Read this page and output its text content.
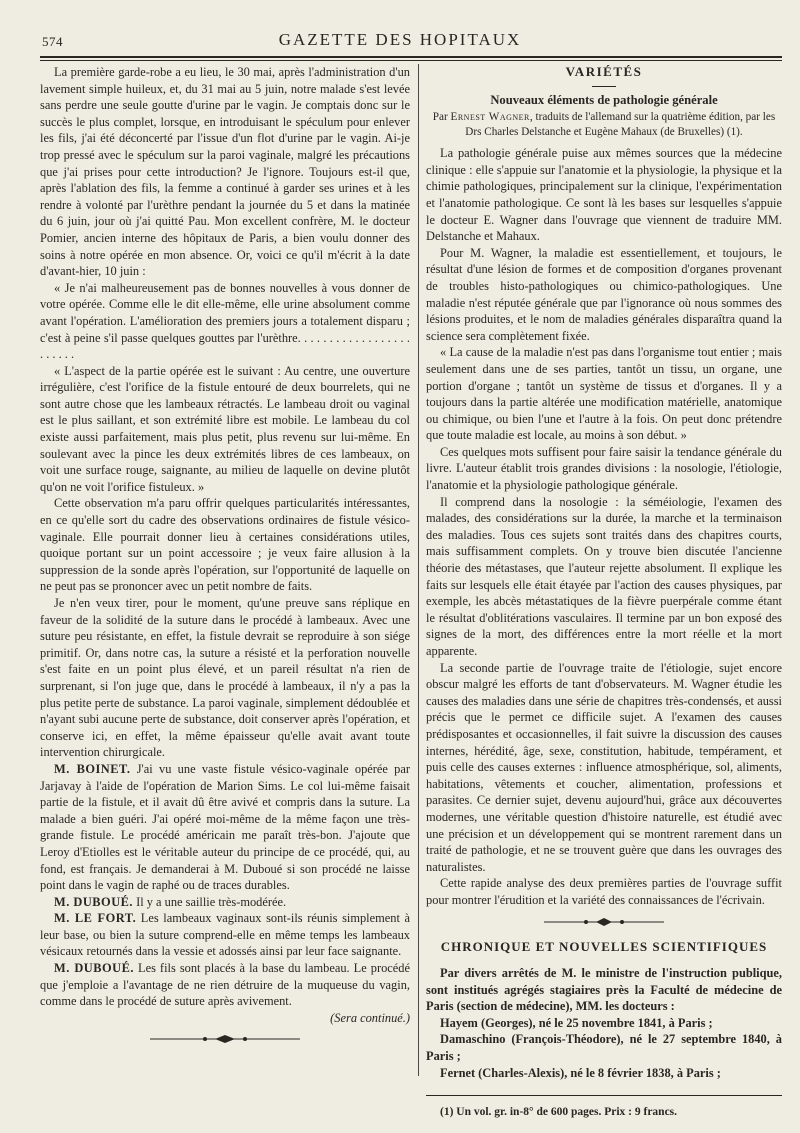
574	GAZETTE DES HOPITAUX

La première garde-robe a eu lieu, le 30 mai, après l'administration d'un lavement simple huileux, et, du 31 mai au 5 juin, notre malade s'est levée sans perdre une seule goutte d'urine par le vagin. Je comptais donc sur le succès le plus complet, lorsque, en introduisant le spéculum pour enlever les fils, j'ai été déconcerté par l'issue d'un flot d'urine par le vagin. Ai-je trop pressé avec le spéculum sur la paroi vaginale, malgré les précautions que j'ai prises pour cette introduction? Je l'ignore. Toujours est-il que, après l'ablation des fils, la femme a continué à garder ses urines et à les rendre à volonté par l'urèthre pendant la journée du 5 et dans la matinée du 6 juin, jour où j'ai quitté Pau. Mon excellent confrère, M. le docteur Pomier, ancien interne des hôpitaux de Paris, a bien voulu donner des soins à notre opérée en mon absence. Or, voici ce qu'il m'écrit à la date d'avant-hier, 10 juin :

« Je n'ai malheureusement pas de bonnes nouvelles à vous donner de votre opérée. Comme elle le dit elle-même, elle urine absolument comme avant l'opération. L'amélioration des premiers jours a totalement disparu ; c'est à peine s'il passe quelques gouttes par l'urèthre. . . . . . . . . . . . . . . . . . . . . . . .

« L'aspect de la partie opérée est le suivant : Au centre, une ouverture irrégulière, c'est l'orifice de la fistule entouré de deux bourrelets, qui ne sont autre chose que les lambeaux rétractés. Le lambeau droit ou vaginal est le plus saillant, et son extrémité libre est mobile. Le lambeau du col existe aussi parfaitement, mais plus petit, plus revenu sur lui-même. En soulevant avec la pince les deux extrémités libres de ces lambeaux, on voit une surface rouge, saignante, au milieu de laquelle on devine plutôt qu'on ne voit l'orifice fistuleux. »

Cette observation m'a paru offrir quelques particularités intéressantes, en ce qu'elle sort du cadre des observations ordinaires de fistule vésico-vaginale. Elle pourrait donner lieu à certaines considérations utiles, quoique portant sur un point accessoire ; je veux faire allusion à la suppression de la sonde après l'opération, sur l'opportunité de laquelle on ne peut pas se prononcer avec un petit nombre de faits.

Je n'en veux tirer, pour le moment, qu'une preuve sans réplique en faveur de la solidité de la suture dans le procédé à lambeaux. Avec une suture peu résistante, en effet, la fistule devrait se reproduire à son siége primitif. Or, dans notre cas, la suture a résisté et la perforation nouvelle s'est faite en un point plus élevé, et un pareil résultat n'a rien de surprenant, si l'on juge que, dans le procédé à lambeaux, il n'y a pas la plus petite perte de substance. La paroi vaginale, simplement dédoublée et n'ayant subi aucune perte de substance, doit conserver après l'opération, et conserve ici, en effet, la même épaisseur qu'elle avait avant toute intervention chirurgicale.

M. BOINET. J'ai vu une vaste fistule vésico-vaginale opérée par Jarjavay à l'aide de l'opération de Marion Sims. Le col lui-même faisait partie de la fistule, et il avait dû être avivé et compris dans la suture. La malade a bien guéri. J'ai opéré moi-même de la même façon une très-grande fistule. Le procédé américain me paraît très-bon. J'ajoute que Leroy d'Etiolles est le véritable auteur du principe de ce procédé, qui, au fond, est français. Je demanderai à M. Duboué si son procédé ne laisse point dans le vagin de raphé ou de traces durables.

M. DUBOUÉ. Il y a une saillie très-modérée.

M. LE FORT. Les lambeaux vaginaux sont-ils réunis simplement à leur base, ou bien la suture comprend-elle en même temps les lambeaux vésicaux retournés dans la vessie et adossés ainsi par leur face saignante.

M. DUBOUÉ. Les fils sont placés à la base du lambeau. Le procédé que j'emploie a l'avantage de ne rien détruire de la muqueuse du vagin, comme dans le procédé de suture après avivement.

(Sera continué.)

VARIÉTÉS
Nouveaux éléments de pathologie générale
Par Ernest Wagner, traduits de l'allemand sur la quatrième édition, par les Drs Charles Delstanche et Eugène Mahaux (de Bruxelles) (1).

La pathologie générale puise aux mêmes sources que la médecine clinique : elle s'appuie sur l'anatomie et la physiologie, la physique et la chimie pathologiques, principalement sur la clinique, l'expérimentation et l'anatomie pathologique. Ce sont là les bases sur lesquelles s'appuie le docteur E. Wagner dans l'ouvrage que viennent de traduire MM. Delstanche et Mahaux.

Pour M. Wagner, la maladie est essentiellement, et toujours, le résultat d'une lésion de formes et de composition d'organes provenant de troubles histo-pathologiques ou chimico-pathologiques. Une maladie n'est réputée générale que par l'ignorance où nous sommes des lésions produites, et le nom de maladies générales disparaîtra quand la science sera complètement fixée.

« La cause de la maladie n'est pas dans l'organisme tout entier ; mais seulement dans une de ses parties, tantôt un tissu, un organe, une portion d'organe ; tantôt un système de tissus et d'organes. Il y a toujours dans la partie altérée une modification matérielle, anatomique ou chimique, ou bien l'une et l'autre à la fois. On peut donc prétendre que toute maladie est locale, au moins à son début. »

Ces quelques mots suffisent pour faire saisir la tendance générale du livre. L'auteur établit trois grandes divisions : la nosologie, l'étiologie, l'anatomie et la physiologie pathologique générale.

Il comprend dans la nosologie : la séméiologie, l'examen des malades, des considérations sur la durée, la marche et la terminaison des maladies. Tous ces sujets sont traités dans des chapitres courts, mais suffisamment complets. On y trouve bien discutée l'ancienne théorie des métastases, que l'auteur rejette absolument. Il explique les faits sur lesquels elle était étayée par l'action des causes physiques, par exemple, les abcès métastatiques de la fièvre puerpérale comme étant le résultat d'oblitérations vasculaires. Il termine par un bon exposé des signes de la mort, des différences entre la mort réelle et la mort apparente.

La seconde partie de l'ouvrage traite de l'étiologie, sujet encore obscur malgré les efforts de tant d'observateurs. M. Wagner étudie les causes des maladies dans une série de chapitres très-condensés, et aussi précis que le permet ce difficile sujet. A l'examen des causes prédisposantes et occasionnelles, il fait suivre la discussion des causes internes, hérédité, âge, sexe, constitution, habitude, tempérament, et puis celle des causes externes : influence atmosphérique, sol, aliments, habitations, vêtements et coucher, alimentation, professions et parasites. Ce dernier sujet, devenu aujourd'hui, grâce aux découvertes modernes, une véritable question d'histoire naturelle, est étudié avec une précision et un développement qui se montrent rarement dans un traité de pathologie, et ne se trouvent guère que dans les ouvrages des naturalistes.

Cette rapide analyse des deux premières parties de l'ouvrage suffit pour montrer l'érudition et la variété des connaissances de l'écrivain.

CHRONIQUE ET NOUVELLES SCIENTIFIQUES

Par divers arrêtés de M. le ministre de l'instruction publique, sont institués agrégés stagiaires près la Faculté de médecine de Paris (section de médecine), MM. les docteurs :

Hayem (Georges), né le 25 novembre 1841, à Paris ;

Damaschino (François-Théodore), né le 27 septembre 1840, à Paris ;

Fernet (Charles-Alexis), né le 8 février 1838, à Paris ;

(1) Un vol. gr. in-8° de 600 pages. Prix : 9 francs.
